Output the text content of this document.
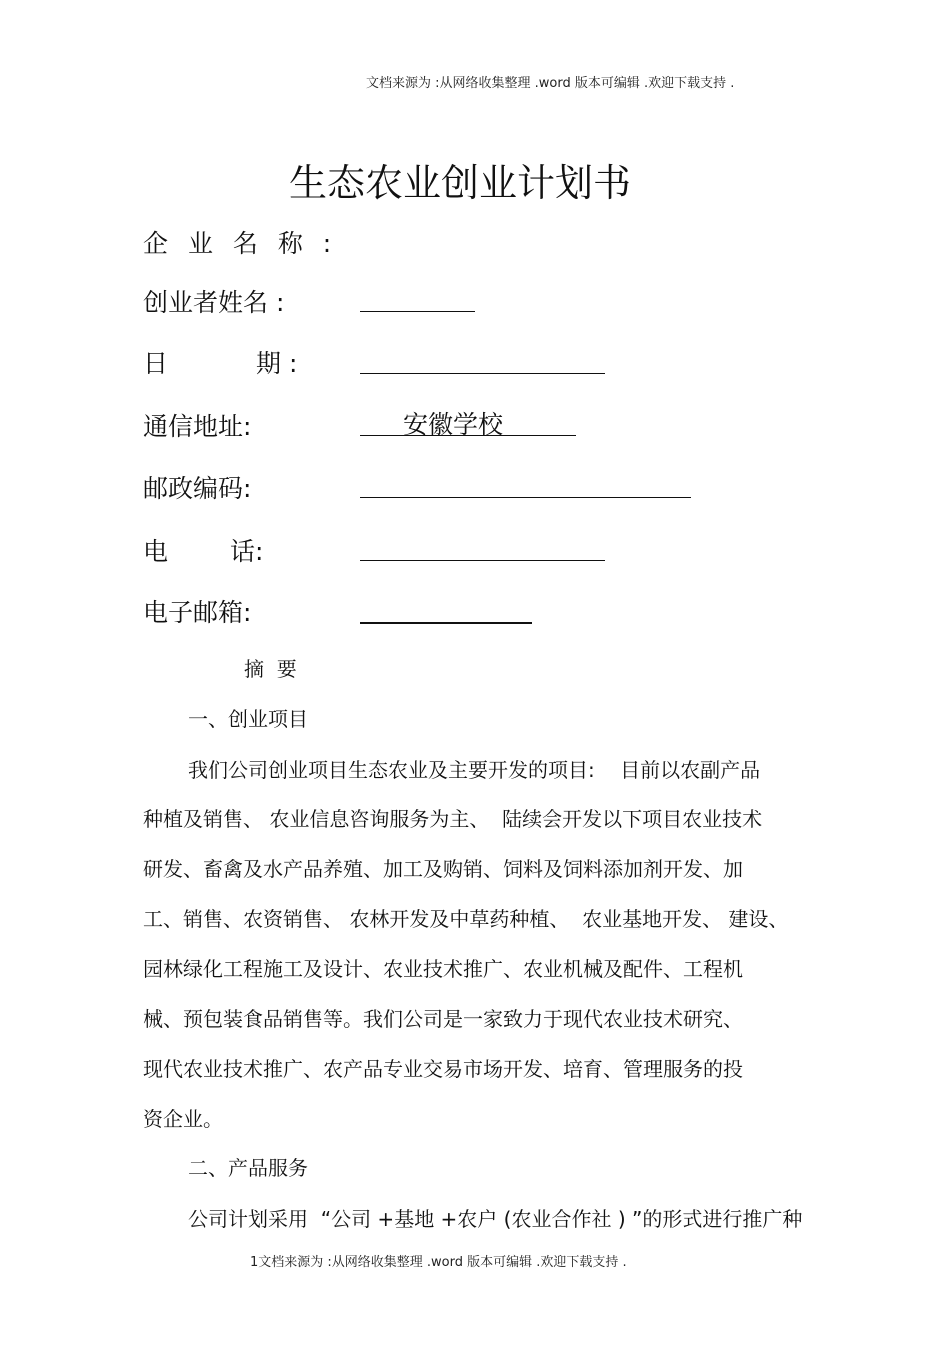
文档来源为 :从网络收集整理 .word 版本可编辑 .欢迎下载支持 .
生态农业创业计划书
企 业 名 称 :
创业者姓名 :
日	期 :
通信地址:	安徽学校
邮政编码:
电 话:
电子邮箱:
摘  要
一、创业项目
我们公司创业项目生态农业及主要开发的项目:    目前以农副产品
种植及销售、 农业信息咨询服务为主、  陆续会开发以下项目农业技术
研发、畜禽及水产品养殖、加工及购销、饲料及饲料添加剂开发、加
工、销售、农资销售、 农林开发及中草药种植、  农业基地开发、 建设、
园林绿化工程施工及设计、农业技术推广、农业机械及配件、工程机
械、预包装食品销售等。我们公司是一家致力于现代农业技术研究、
现代农业技术推广、农产品专业交易市场开发、培育、管理服务的投
资企业。
二、产品服务
公司计划采用  “公司 +基地 +农户 (农业合作社 ) ”的形式进行推广种
1文档来源为 :从网络收集整理 .word 版本可编辑 .欢迎下载支持 .
